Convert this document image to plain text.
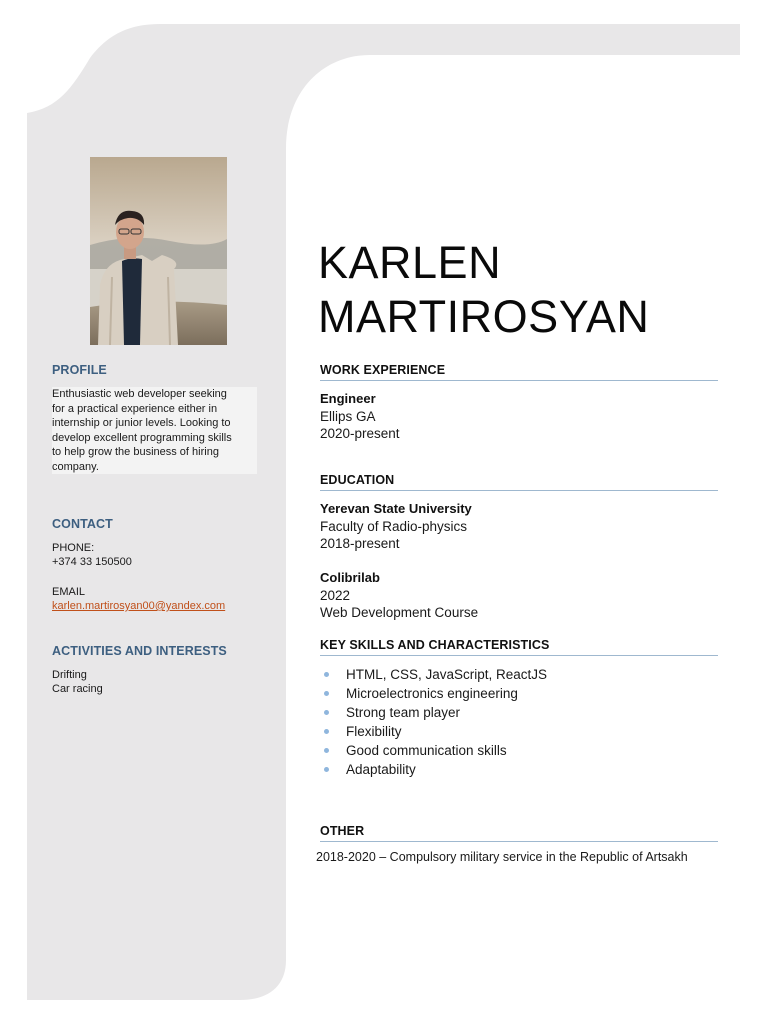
PROFILE
Enthusiastic web developer seeking
for a practical experience either in
internship or junior levels. Looking to
develop excellent programming skills
to help grow the business of hiring
company.
CONTACT
PHONE:
+374 33 150500
EMAIL
karlen.martirosyan00@yandex.com
ACTIVITIES AND INTERESTS
Drifting
Car racing
KARLEN
MARTIROSYAN
WORK EXPERIENCE
Engineer
Ellips GA
2020-present
EDUCATION
Yerevan State University
Faculty of Radio-physics
2018-present
Colibrilab
2022
Web Development Course
KEY SKILLS AND CHARACTERISTICS
HTML, CSS, JavaScript, ReactJS
Microelectronics engineering
Strong team player
Flexibility
Good communication skills
Adaptability
OTHER
2018-2020 – Compulsory military service in the Republic of Artsakh
